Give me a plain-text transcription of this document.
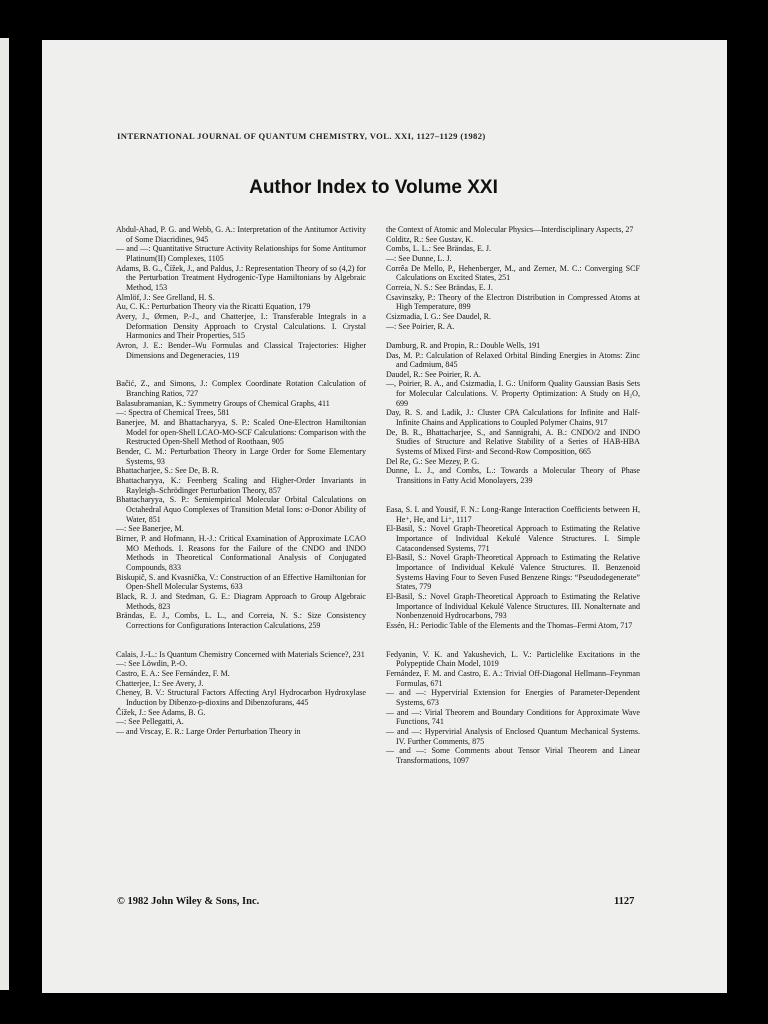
INTERNATIONAL JOURNAL OF QUANTUM CHEMISTRY, VOL. XXI, 1127–1129 (1982)
Author Index to Volume XXI
Abdul-Ahad, P. G. and Webb, G. A.: Interpretation of the Antitumor Activity of Some Diacridines, 945
— and —: Quantitative Structure Activity Relationships for Some Antitumor Platinum(II) Complexes, 1105
Adams, B. G., Čížek, J., and Paldus, J.: Representation Theory of so (4,2) for the Perturbation Treatment Hydrogenic-Type Hamiltonians by Algebraic Method, 153
Almlöf, J.: See Grelland, H. S.
Au, C. K.: Perturbation Theory via the Ricatti Equation, 179
Avery, J., Ørmen, P.-J., and Chatterjee, I.: Transferable Integrals in a Deformation Density Approach to Crystal Calculations. I. Crystal Harmonics and Their Properties, 515
Avron, J. E.: Bender–Wu Formulas and Classical Trajectories: Higher Dimensions and Degeneracies, 119
Bačić, Z., and Simons, J.: Complex Coordinate Rotation Calculation of Branching Ratios, 727
Balasubramanian, K.: Symmetry Groups of Chemical Graphs, 411
—: Spectra of Chemical Trees, 581
Banerjee, M. and Bhattacharyya, S. P.: Scaled One-Electron Hamiltonian Model for open-Shell LCAO-MO-SCF Calculations: Comparison with the Restructed Open-Shell Method of Roothaan, 905
Bender, C. M.: Perturbation Theory in Large Order for Some Elementary Systems, 93
Bhattacharjee, S.: See De, B. R.
Bhattacharyya, K.: Feenberg Scaling and Higher-Order Invariants in Rayleigh–Schrödinger Perturbation Theory, 857
Bhattacharyya, S. P.: Semiempirical Molecular Orbital Calculations on Octahedral Aquo Complexes of Transition Metal Ions: σ-Donor Ability of Water, 851
—: See Banerjee, M.
Birner, P. and Hofmann, H.-J.: Critical Examination of Approximate LCAO MO Methods. I. Reasons for the Failure of the CNDO and INDO Methods in Theoretical Conformational Analysis of Conjugated Compounds, 833
Biskupič, S. and Kvasnička, V.: Construction of an Effective Hamiltonian for Open-Shell Molecular Systems, 633
Black, R. J. and Stedman, G. E.: Diagram Approach to Group Algebraic Methods, 823
Brändas, E. J., Combs, L. L., and Correia, N. S.: Size Consistency Corrections for Configurations Interaction Calculations, 259
Calais, J.-L.: Is Quantum Chemistry Concerned with Materials Science?, 231
—: See Löwdin, P.-O.
Castro, E. A.: See Fernández, F. M.
Chatterjee, I.: See Avery, J.
Cheney, B. V.: Structural Factors Affecting Aryl Hydrocarbon Hydroxylase Induction by Dibenzo-p-dioxins and Dibenzofurans, 445
Čížek, J.: See Adams, B. G.
—: See Pellegatti, A.
— and Vrscay, E. R.: Large Order Perturbation Theory in
the Context of Atomic and Molecular Physics—Interdisciplinary Aspects, 27
Colditz, R.: See Gustav, K.
Combs, L. L.: See Brändas, E. J.
—: See Dunne, L. J.
Corrêa De Mello, P., Hehenberger, M., and Zerner, M. C.: Converging SCF Calculations on Excited States, 251
Correia, N. S.: See Brändas, E. J.
Csavinszky, P.: Theory of the Electron Distribution in Compressed Atoms at High Temperature, 899
Csizmadia, I. G.: See Daudel, R.
—: See Poirier, R. A.
Damburg, R. and Propin, R.: Double Wells, 191
Das, M. P.: Calculation of Relaxed Orbital Binding Energies in Atoms: Zinc and Cadmium, 845
Daudel, R.: See Poirier, R. A.
—, Poirier, R. A., and Csizmadia, I. G.: Uniform Quality Gaussian Basis Sets for Molecular Calculations. V. Property Optimization: A Study on H₂O, 699
Day, R. S. and Ladik, J.: Cluster CPA Calculations for Infinite and Half-Infinite Chains and Applications to Coupled Polymer Chains, 917
De, B. R., Bhattacharjee, S., and Sannigrahi, A. B.: CNDO/2 and INDO Studies of Structure and Relative Stability of a Series of HAB-HBA Systems of Mixed First- and Second-Row Composition, 665
Del Re, G.: See Mezey, P. G.
Dunne, L. J., and Combs, L.: Towards a Molecular Theory of Phase Transitions in Fatty Acid Monolayers, 239
Easa, S. I. and Yousif, F. N.: Long-Range Interaction Coefficients between H, He⁺, He, and Li⁺, 1117
El-Basil, S.: Novel Graph-Theoretical Approach to Estimating the Relative Importance of Individual Kekulé Valence Structures. I. Simple Catacondensed Systems, 771
El-Basil, S.: Novel Graph-Theoretical Approach to Estimating the Relative Importance of Individual Kekulé Valence Structures. II. Benzenoid Systems Having Four to Seven Fused Benzene Rings: “Pseudodegenerate” States, 779
El-Basil, S.: Novel Graph-Theoretical Approach to Estimating the Relative Importance of Individual Kekulé Valence Structures. III. Nonalternate and Nonbenzenoid Hydrocarbons, 793
Essén, H.: Periodic Table of the Elements and the Thomas–Fermi Atom, 717
Fedyanin, V. K. and Yakushevich, L. V.: Particlelike Excitations in the Polypeptide Chain Model, 1019
Fernández, F. M. and Castro, E. A.: Trivial Off-Diagonal Hellmann–Feynman Formulas, 671
— and —: Hypervirial Extension for Energies of Parameter-Dependent Systems, 673
— and —: Virial Theorem and Boundary Conditions for Approximate Wave Functions, 741
— and —: Hypervirial Analysis of Enclosed Quantum Mechanical Systems. IV. Further Comments, 875
— and —: Some Comments about Tensor Virial Theorem and Linear Transformations, 1097
© 1982 John Wiley & Sons, Inc.	1127
